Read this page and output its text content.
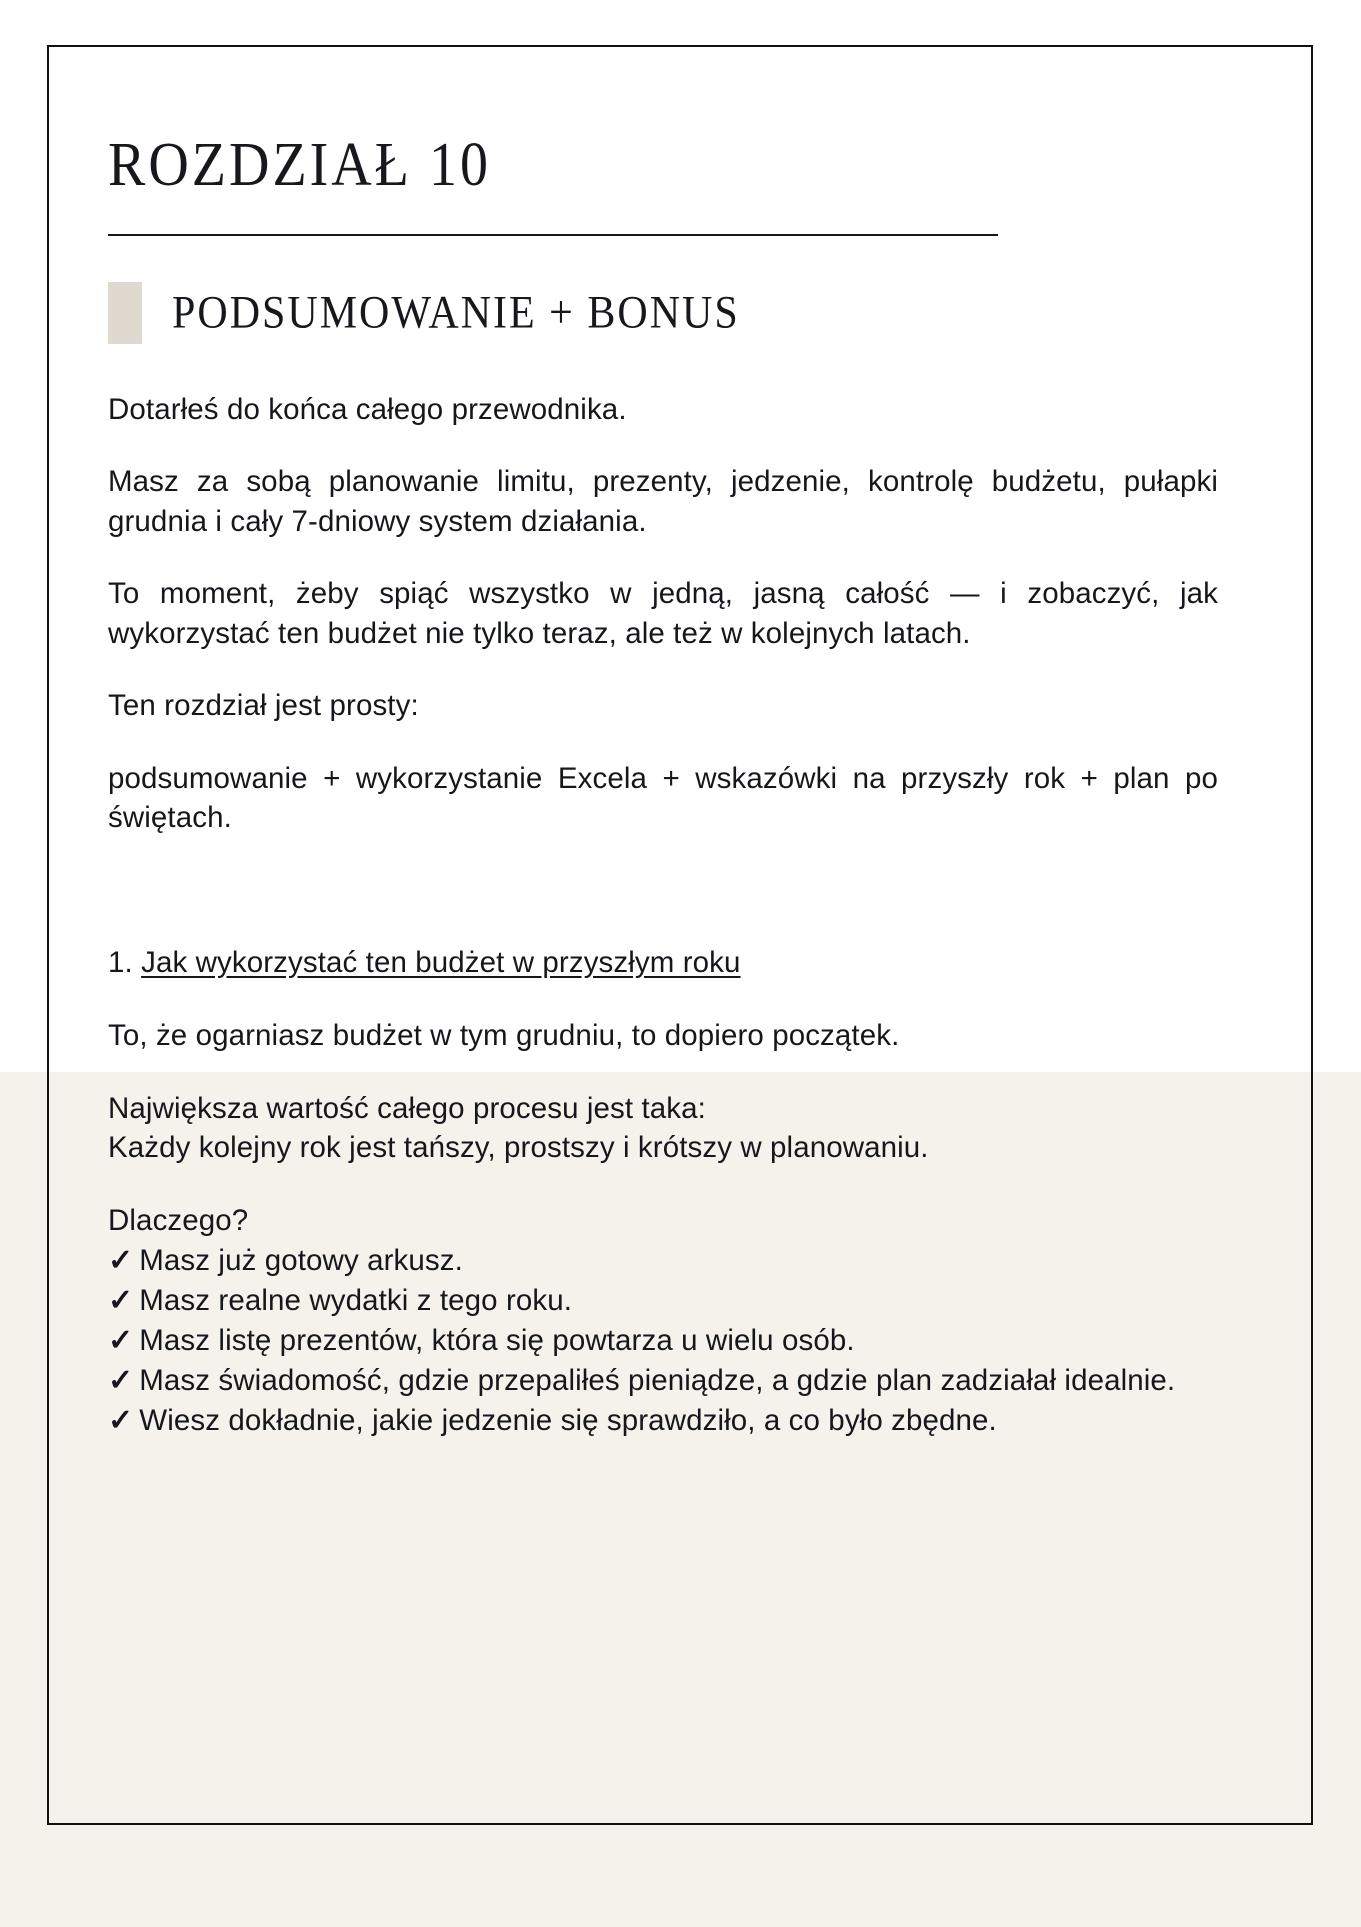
ROZDZIAŁ 10
PODSUMOWANIE + BONUS

Dotarłeś do końca całego przewodnika.

Masz za sobą planowanie limitu, prezenty, jedzenie, kontrolę budżetu, pułapki grudnia i cały 7-dniowy system działania.

To moment, żeby spiąć wszystko w jedną, jasną całość — i zobaczyć, jak wykorzystać ten budżet nie tylko teraz, ale też w kolejnych latach.

Ten rozdział jest prosty:

podsumowanie + wykorzystanie Excela + wskazówki na przyszły rok + plan po świętach.

1. Jak wykorzystać ten budżet w przyszłym roku

To, że ogarniasz budżet w tym grudniu, to dopiero początek.

Największa wartość całego procesu jest taka:

Każdy kolejny rok jest tańszy, prostszy i krótszy w planowaniu.

Dlaczego?

✓ Masz już gotowy arkusz.
✓ Masz realne wydatki z tego roku.
✓ Masz listę prezentów, która się powtarza u wielu osób.
✓ Masz świadomość, gdzie przepaliłeś pieniądze, a gdzie plan zadziałał idealnie.
✓ Wiesz dokładnie, jakie jedzenie się sprawdziło, a co było zbędne.
